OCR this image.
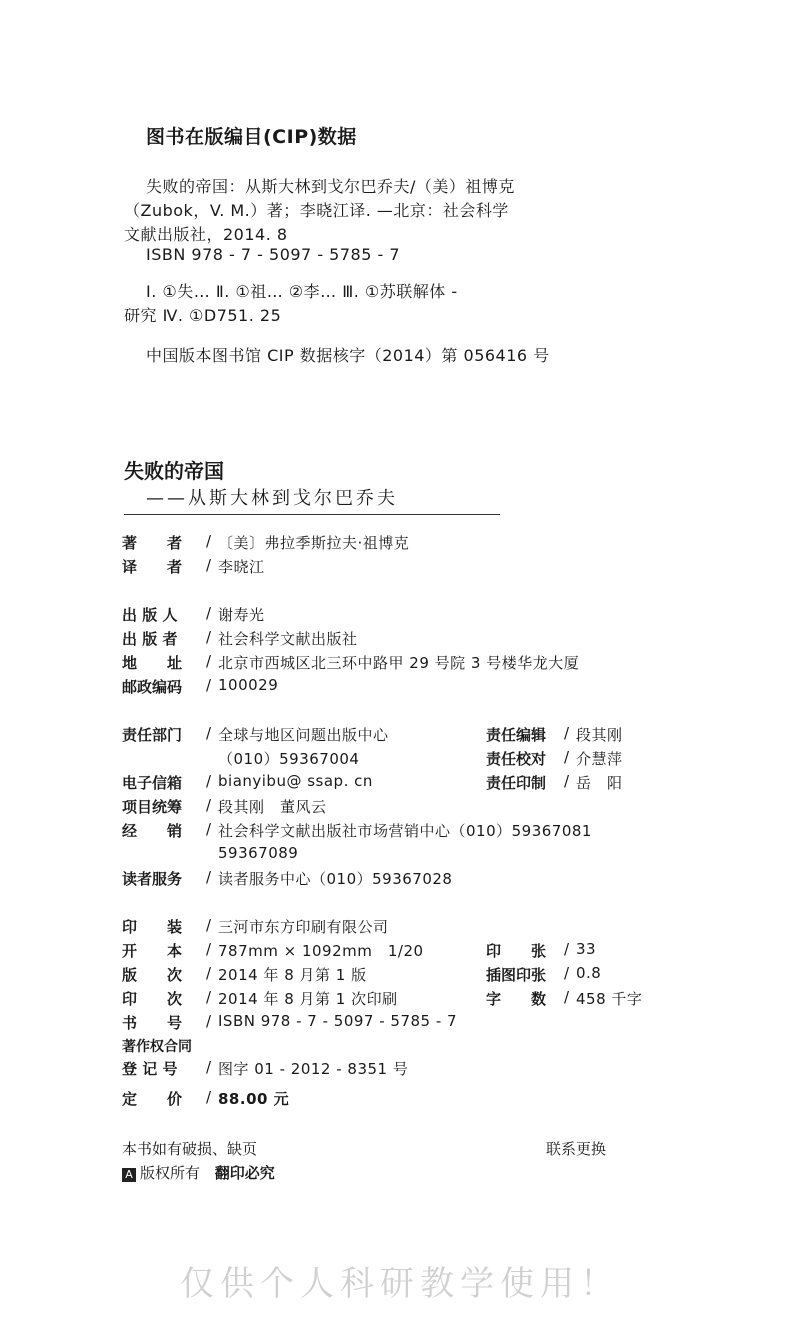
图书在版编目(CIP)数据
失败的帝国：从斯大林到戈尔巴乔夫/（美）祖博克
（Zubok，V. M.）著；李晓江译. —北京：社会科学
文献出版社，2014. 8
ISBN 978 - 7 - 5097 - 5785 - 7
Ⅰ. ①失… Ⅱ. ①祖… ②李… Ⅲ. ①苏联解体 -
研究 Ⅳ. ①D751. 25
中国版本图书馆 CIP 数据核字（2014）第 056416 号
失败的帝国
——从斯大林到戈尔巴乔夫
著　　者 / 〔美〕弗拉季斯拉夫·祖博克
译　　者 / 李晓江
出 版 人 / 谢寿光
出 版 者 / 社会科学文献出版社
地　　址 / 北京市西城区北三环中路甲 29 号院 3 号楼华龙大厦
邮政编码 / 100029
责任部门 / 全球与地区问题出版中心
（010）59367004
电子信箱 / bianyibu@ ssap. cn
项目统筹 / 段其刚　董风云
经　　销 / 社会科学文献出版社市场营销中心（010）59367081
59367089
读者服务 / 读者服务中心（010）59367028
印　　装 / 三河市东方印刷有限公司
开　　本 / 787mm × 1092mm　1/20
版　　次 / 2014 年 8 月第 1 版
印　　次 / 2014 年 8 月第 1 次印刷
书　　号 / ISBN 978 - 7 - 5097 - 5785 - 7
著作权合同
登 记 号 / 图字 01 - 2012 - 8351 号
定　　价 / 88.00 元
责任编辑 / 段其刚
责任校对 / 介慧萍
责任印制 / 岳　阳
印　　张 / 33
插图印张 / 0.8
字　　数 / 458 千字
本书如有破损、缺页	联系更换
A 版权所有 翻印必究
仅供个人科研教学使用！
